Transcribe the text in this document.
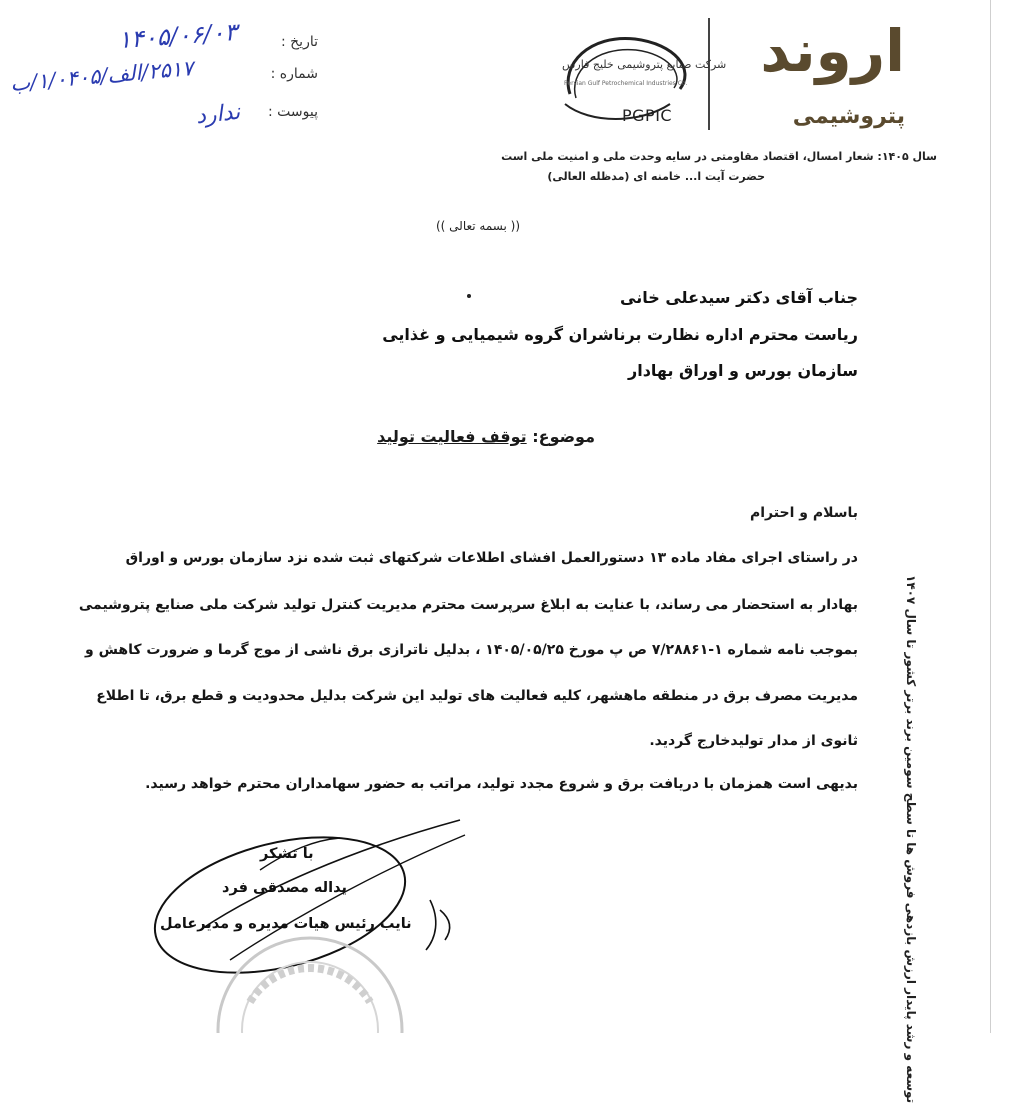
تاریخ :
۱۴۰۵/۰۶/۰۳
شماره :
۲۵۱۷/الف/۱/۰۴۰۵/ب
پیوست :
ندارد
اروند
پتروشیمی
شرکت صنایع پتروشیمی خلیج فارس
Persian Gulf Petrochemical Industries Co.
PGPIC
سال ۱۴۰۵: شعار امسال، اقتصاد مقاومتی در سایه وحدت ملی و امنیت ملی است
حضرت آیت ا... خامنه ای (مدظله العالی)
(( بسمه تعالی ))
جناب آقای دکتر سیدعلی خانی
ریاست محترم اداره نظارت برناشران گروه شیمیایی و غذایی
سازمان بورس و اوراق بهادار
موضوع: توقف فعالیت تولید
باسلام و احترام
در راستای اجرای مفاد ماده ۱۳ دستورالعمل افشای اطلاعات شرکتهای ثبت شده نزد سازمان بورس و اوراق
بهادار به استحضار می رساند، با عنایت به ابلاغ سرپرست محترم مدیریت کنترل تولید شرکت ملی صنایع پتروشیمی
بموجب نامه شماره ۱-۷/۲۸۸۶۱ ص پ مورخ ۱۴۰۵/۰۵/۲۵ ، بدلیل ناترازی برق ناشی از موج گرما و ضرورت کاهش و
مدیریت مصرف برق در منطقه ماهشهر، کلیه فعالیت های تولید این شرکت بدلیل محدودیت و قطع برق، تا اطلاع
ثانوی از مدار تولیدخارج گردید.
بدیهی است همزمان با دریافت برق و شروع مجدد تولید، مراتب به حضور سهامداران محترم خواهد رسید.
با تشکر
یداله مصدقی فرد
نایب رئیس هیات مدیره و مدیرعامل
توسعه و رشد پایدار ارزش بازدهی فروش ها تا سطح سومین برند برتر کشور تا سال ۱۴۰۷
